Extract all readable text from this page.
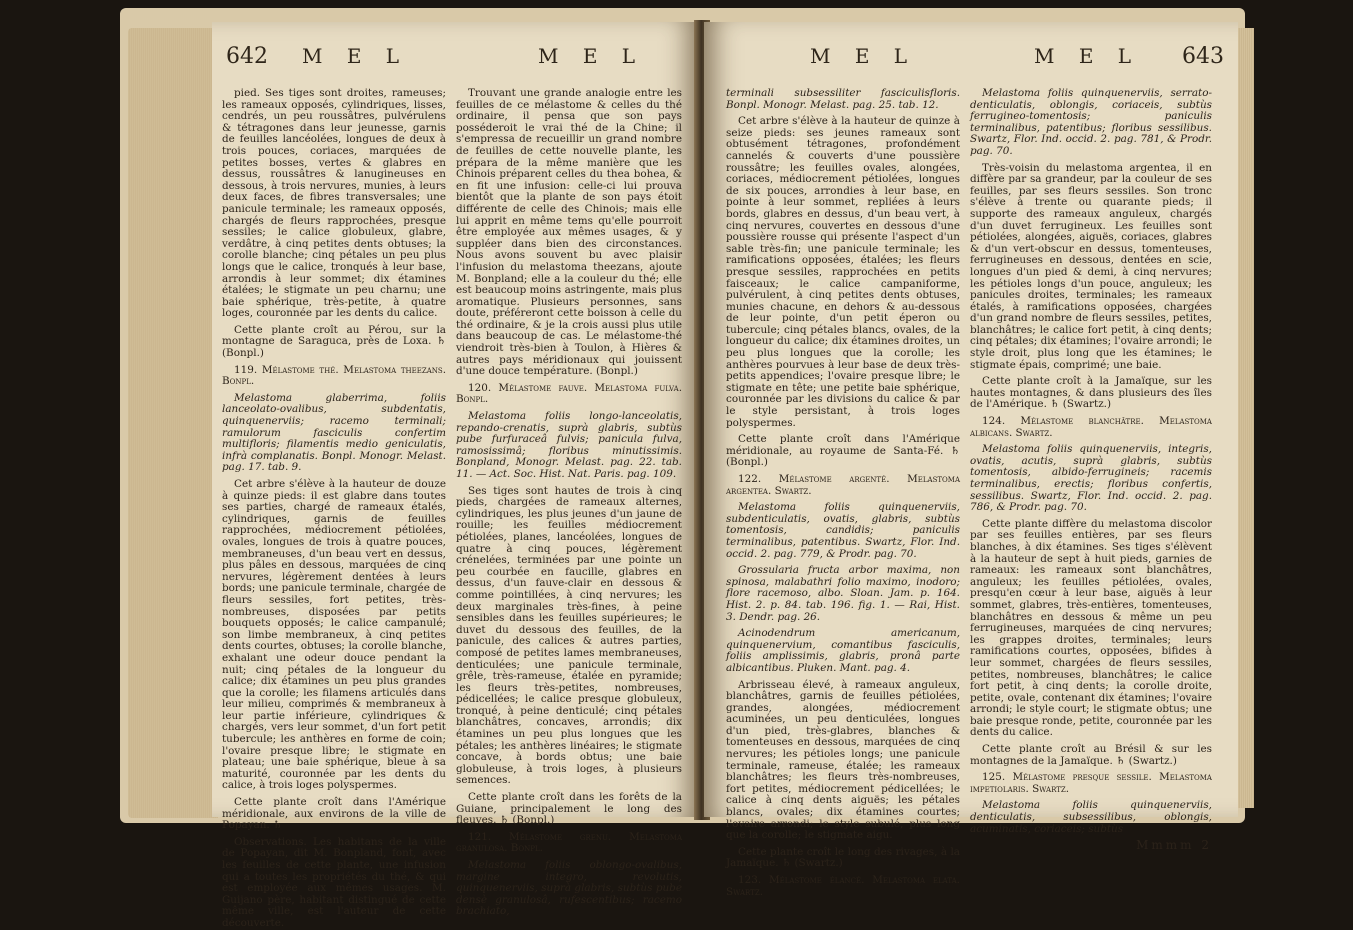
642 M E L	M E L

pied. Ses tiges sont droites, rameuses; les rameaux opposés, cylindriques, lisses, cendrés, un peu roussâtres, pulvérulens & tétragones dans leur jeunesse, garnis de feuilles lancéolées, longues de deux à trois pouces, coriaces, marquées de petites bosses, vertes & glabres en dessus, roussâtres & lanugineuses en dessous, à trois nervures, munies, à leurs deux faces, de fibres transversales; une panicule terminale; les rameaux opposés, chargés de fleurs rapprochées, presque sessiles; le calice globuleux, glabre, verdâtre, à cinq petites dents obtuses; la corolle blanche; cinq pétales un peu plus longs que le calice, tronqués à leur base, arrondis à leur sommet; dix étamines étalées; le stigmate un peu charnu; une baie sphérique, très-petite, à quatre loges, couronnée par les dents du calice.

Cette plante croît au Pérou, sur la montagne de Saraguca, près de Loxa. ♄ (Bonpl.)

119. Mélastome thé. Melastoma theezans. Bonpl.

Melastoma glaberrima, foliis lanceolato-ovalibus, subdentatis, quinquenerviis; racemo terminali; ramulorum fasciculis confertim multifloris; filamentis medio geniculatis, infrà complanatis. Bonpl. Monogr. Melast. pag. 17. tab. 9.

Cet arbre s'élève à la hauteur de douze à quinze pieds: il est glabre dans toutes ses parties, chargé de rameaux étalés, cylindriques, garnis de feuilles rapprochées, médiocrement pétiolées, ovales, longues de trois à quatre pouces, membraneuses, d'un beau vert en dessus, plus pâles en dessous, marquées de cinq nervures, légèrement dentées à leurs bords; une panicule terminale, chargée de fleurs sessiles, fort petites, très-nombreuses, disposées par petits bouquets opposés; le calice campanulé; son limbe membraneux, à cinq petites dents courtes, obtuses; la corolle blanche, exhalant une odeur douce pendant la nuit; cinq pétales de la longueur du calice; dix étamines un peu plus grandes que la corolle; les filamens articulés dans leur milieu, comprimés & membraneux à leur partie inférieure, cylindriques & chargés, vers leur sommet, d'un fort petit tubercule; les anthères en forme de coin; l'ovaire presque libre; le stigmate en plateau; une baie sphérique, bleue à sa maturité, couronnée par les dents du calice, à trois loges polyspermes.

Cette plante croît dans l'Amérique méridionale, aux environs de la ville de Popayan. ♄

Observations. Les habitans de la ville de Popayan, dit M. Bonpland, font, avec les feuilles de cette plante, une infusion qui a toutes les propriétés du thé, & qui est employée aux mêmes usages. M. Guijano père, habitant distingué de cette même ville, est l'auteur de cette découverte.

Trouvant une grande analogie entre les feuilles de ce mélastome & celles du thé ordinaire, il pensa que son pays posséderoit le vrai thé de la Chine; il s'empressa de recueillir un grand nombre de feuilles de cette nouvelle plante, les prépara de la même manière que les Chinois préparent celles du thea bohea, & en fit une infusion: celle-ci lui prouva bientôt que la plante de son pays étoit différente de celle des Chinois; mais elle lui apprit en même tems qu'elle pourroit être employée aux mêmes usages, & y suppléer dans bien des circonstances. Nous avons souvent bu avec plaisir l'infusion du melastoma theezans, ajoute M. Bonpland; elle a la couleur du thé; elle est beaucoup moins astringente, mais plus aromatique. Plusieurs personnes, sans doute, préféreront cette boisson à celle du thé ordinaire, & je la crois aussi plus utile dans beaucoup de cas. Le mélastome-thé viendroit très-bien à Toulon, à Hières & autres pays méridionaux qui jouissent d'une douce température. (Bonpl.)

120. Mélastome fauve. Melastoma fulva. Bonpl.

Melastoma foliis longo-lanceolatis, repando-crenatis, suprà glabris, subtùs pube furfuraceâ fulvis; panicula fulva, ramosissimâ; floribus minutissimis. Bonpland, Monogr. Melast. pag. 22. tab. 11. — Act. Soc. Hist. Nat. Paris. pag. 109.

Ses tiges sont hautes de trois à cinq pieds, chargées de rameaux alternes, cylindriques, les plus jeunes d'un jaune de rouille; les feuilles médiocrement pétiolées, planes, lancéolées, longues de quatre à cinq pouces, légèrement crénelées, terminées par une pointe un peu courbée en faucille, glabres en dessus, d'un fauve-clair en dessous & comme pointillées, à cinq nervures; les deux marginales très-fines, à peine sensibles dans les feuilles supérieures; le duvet du dessous des feuilles, de la panicule, des calices & autres parties, composé de petites lames membraneuses, denticulées; une panicule terminale, grêle, très-rameuse, étalée en pyramide; les fleurs très-petites, nombreuses, pédicellées; le calice presque globuleux, tronqué, à peine denticulé; cinq pétales blanchâtres, concaves, arrondis; dix étamines un peu plus longues que les pétales; les anthères linéaires; le stigmate concave, à bords obtus; une baie globuleuse, à trois loges, à plusieurs semences.

Cette plante croît dans les forêts de la Guiane, principalement le long des fleuves. ♄ (Bonpl.)

121. Mélastome grenu. Melastoma granulosa. Bonpl.

Melastoma foliis oblongo-ovalibus, margine integro, revolutis, quinquenerviis, suprà glabris, subtùs pube densè granulosâ, rufescentibus; racemo brachiato,

M E L	M E L 643

terminali subsessiliter fasciculisfloris. Bonpl. Monogr. Melast. pag. 25. tab. 12.

Cet arbre s'élève à la hauteur de quinze à seize pieds: ses jeunes rameaux sont obtusément tétragones, profondément cannelés & couverts d'une poussière roussâtre; les feuilles ovales, alongées, coriaces, médiocrement pétiolées, longues de six pouces, arrondies à leur base, en pointe à leur sommet, repliées à leurs bords, glabres en dessus, d'un beau vert, à cinq nervures, couvertes en dessous d'une poussière rousse qui présente l'aspect d'un sable très-fin; une panicule terminale; les ramifications opposées, étalées; les fleurs presque sessiles, rapprochées en petits faisceaux; le calice campaniforme, pulvérulent, à cinq petites dents obtuses, munies chacune, en dehors & au-dessous de leur pointe, d'un petit éperon ou tubercule; cinq pétales blancs, ovales, de la longueur du calice; dix étamines droites, un peu plus longues que la corolle; les anthères pourvues à leur base de deux très-petits appendices; l'ovaire presque libre; le stigmate en tête; une petite baie sphérique, couronnée par les divisions du calice & par le style persistant, à trois loges polyspermes.

Cette plante croît dans l'Amérique méridionale, au royaume de Santa-Fé. ♄ (Bonpl.)

122. Mélastome argenté. Melastoma argentea. Swartz.

Melastoma foliis quinquenerviis, subdenticulatis, ovatis, glabris, subtùs tomentosis, candidis; paniculis terminalibus, patentibus. Swartz, Flor. Ind. occid. 2. pag. 779, & Prodr. pag. 70.

Grossularia fructa arbor maxima, non spinosa, malabathri folio maximo, inodoro; flore racemoso, albo. Sloan. Jam. p. 164. Hist. 2. p. 84. tab. 196. fig. 1. — Rai, Hist. 3. Dendr. pag. 26.

Acinodendrum americanum, quinquenervium, comantibus fasciculis, foliis amplissimis, glabris, pronâ parte albicantibus. Pluken. Mant. pag. 4.

Arbrisseau élevé, à rameaux anguleux, blanchâtres, garnis de feuilles pétiolées, grandes, alongées, médiocrement acuminées, un peu denticulées, longues d'un pied, très-glabres, blanches & tomenteuses en dessous, marquées de cinq nervures; les pétioles longs; une panicule terminale, rameuse, étalée; les rameaux blanchâtres; les fleurs très-nombreuses, fort petites, médiocrement pédicellées; le calice à cinq dents aiguës; les pétales blancs, ovales; dix étamines courtes; l'ovaire arrondi; le style subulé, plus long que la corolle; le stigmate aigu.

Cette plante croît le long des rivages, à la Jamaïque. ♄ (Swartz.)

123. Mélastome élancé. Melastoma elata. Swartz.

Melastoma foliis quinquenerviis, serrato-denticulatis, oblongis, coriaceis, subtùs ferrugineo-tomentosis; paniculis terminalibus, patentibus; floribus sessilibus. Swartz, Flor. Ind. occid. 2. pag. 781, & Prodr. pag. 70.

Très-voisin du melastoma argentea, il en diffère par sa grandeur, par la couleur de ses feuilles, par ses fleurs sessiles. Son tronc s'élève à trente ou quarante pieds; il supporte des rameaux anguleux, chargés d'un duvet ferrugineux. Les feuilles sont pétiolées, alongées, aiguës, coriaces, glabres & d'un vert-obscur en dessus, tomenteuses, ferrugineuses en dessous, dentées en scie, longues d'un pied & demi, à cinq nervures; les pétioles longs d'un pouce, anguleux; les panicules droites, terminales; les rameaux étalés, à ramifications opposées, chargées d'un grand nombre de fleurs sessiles, petites, blanchâtres; le calice fort petit, à cinq dents; cinq pétales; dix étamines; l'ovaire arrondi; le style droit, plus long que les étamines; le stigmate épais, comprimé; une baie.

Cette plante croît à la Jamaïque, sur les hautes montagnes, & dans plusieurs des îles de l'Amérique. ♄ (Swartz.)

124. Mélastome blanchâtre. Melastoma albicans. Swartz.

Melastoma foliis quinquenerviis, integris, ovatis, acutis, suprà glabris, subtùs tomentosis, albido-ferrugineis; racemis terminalibus, erectis; floribus confertis, sessilibus. Swartz, Flor. Ind. occid. 2. pag. 786, & Prodr. pag. 70.

Cette plante diffère du melastoma discolor par ses feuilles entières, par ses fleurs blanches, à dix étamines. Ses tiges s'élèvent à la hauteur de sept à huit pieds, garnies de rameaux: les rameaux sont blanchâtres, anguleux; les feuilles pétiolées, ovales, presqu'en cœur à leur base, aiguës à leur sommet, glabres, très-entières, tomenteuses, blanchâtres en dessous & même un peu ferrugineuses, marquées de cinq nervures; les grappes droites, terminales; leurs ramifications courtes, opposées, bifides à leur sommet, chargées de fleurs sessiles, petites, nombreuses, blanchâtres; le calice fort petit, à cinq dents; la corolle droite, petite, ovale, contenant dix étamines; l'ovaire arrondi; le style court; le stigmate obtus; une baie presque ronde, petite, couronnée par les dents du calice.

Cette plante croît au Brésil & sur les montagnes de la Jamaïque. ♄ (Swartz.)

125. Mélastome presque sessile. Melastoma impetiolaris. Swartz.

Melastoma foliis quinquenerviis, denticulatis, subsessilibus, oblongis, acuminatis, coriaceis; subtùs

Mmmm 2
